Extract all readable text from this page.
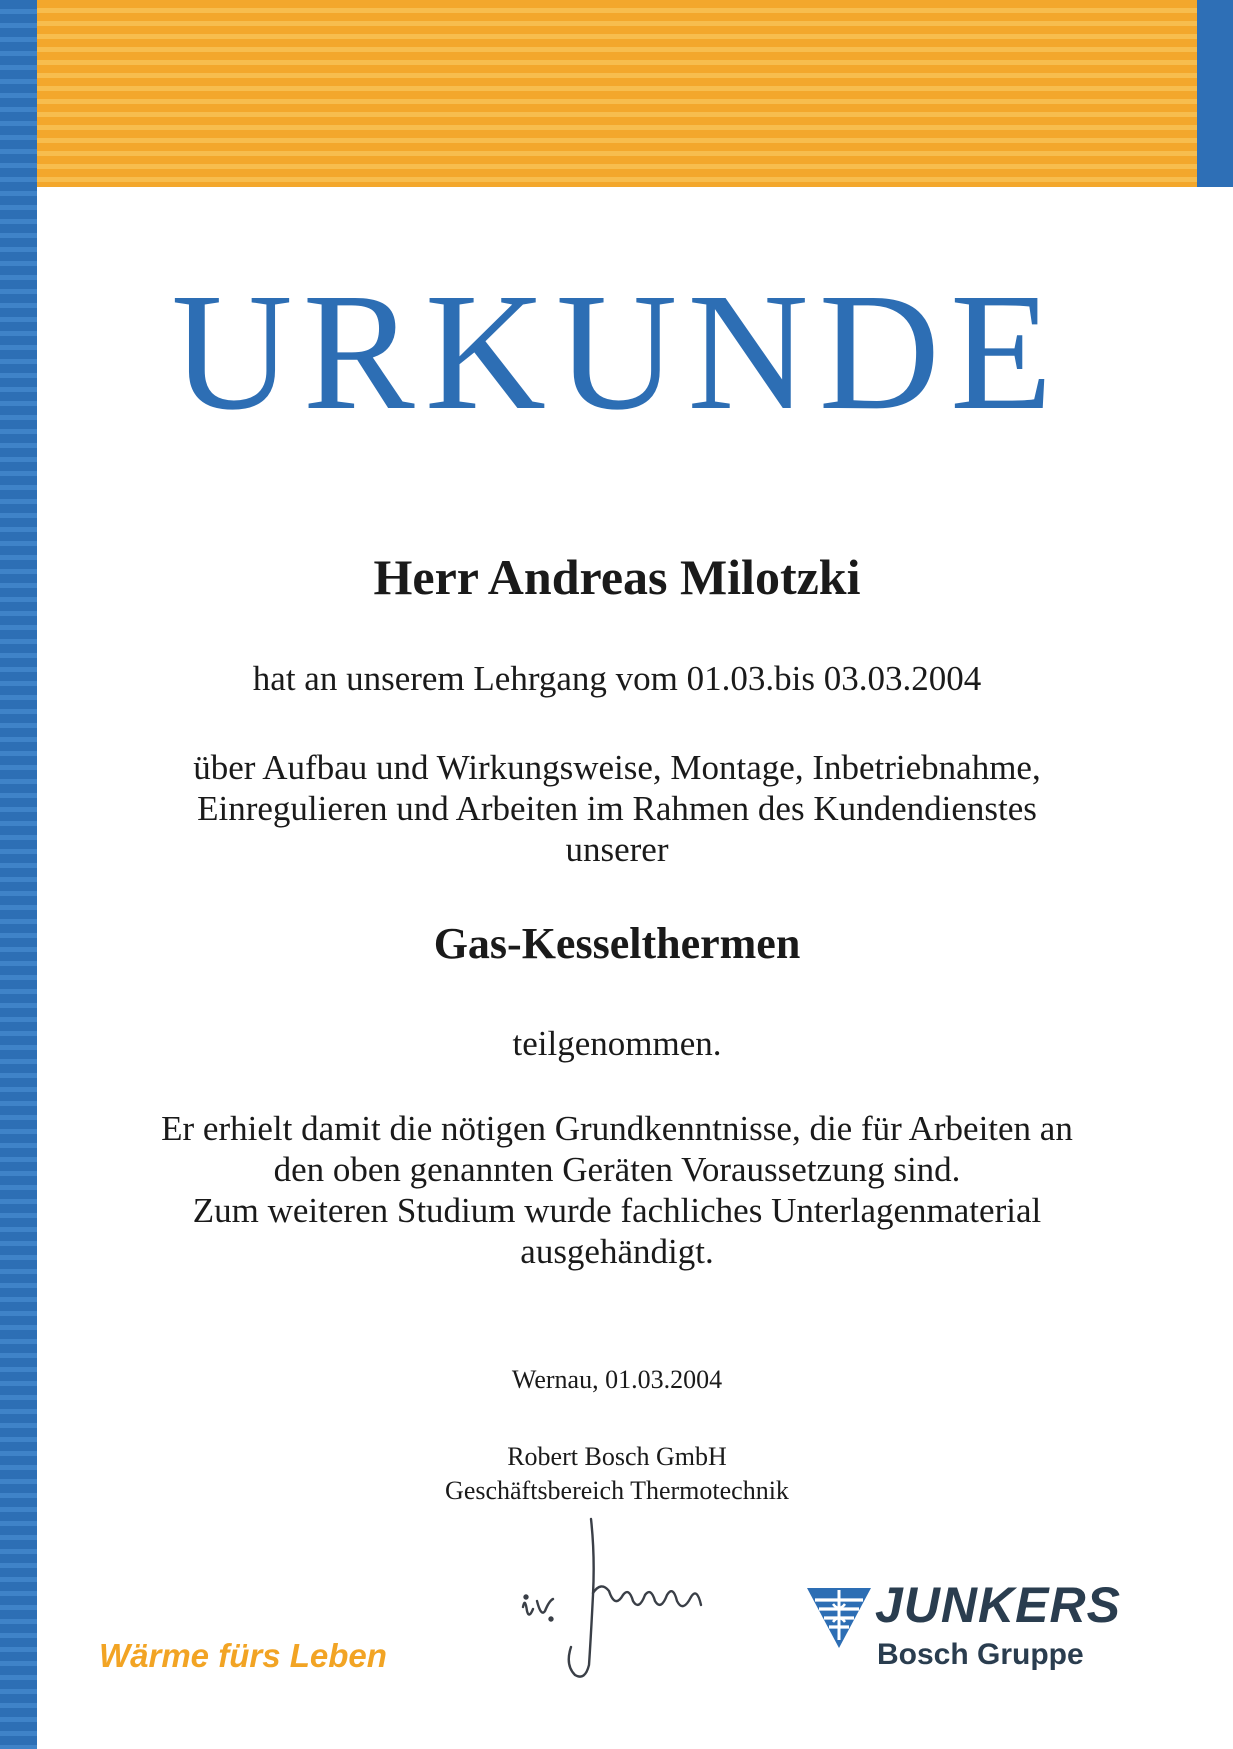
URKUNDE
Herr Andreas Milotzki
hat an unserem Lehrgang vom 01.03.bis 03.03.2004
über Aufbau und Wirkungsweise, Montage, Inbetriebnahme,
Einregulieren und Arbeiten im Rahmen des Kundendienstes
unserer
Gas-Kesselthermen
teilgenommen.
Er erhielt damit die nötigen Grundkenntnisse, die für Arbeiten an
den oben genannten Geräten Voraussetzung sind.
Zum weiteren Studium wurde fachliches Unterlagenmaterial
ausgehändigt.
Wernau, 01.03.2004
Robert Bosch GmbH
Geschäftsbereich Thermotechnik
Wärme fürs Leben
JUNKERS
Bosch Gruppe
